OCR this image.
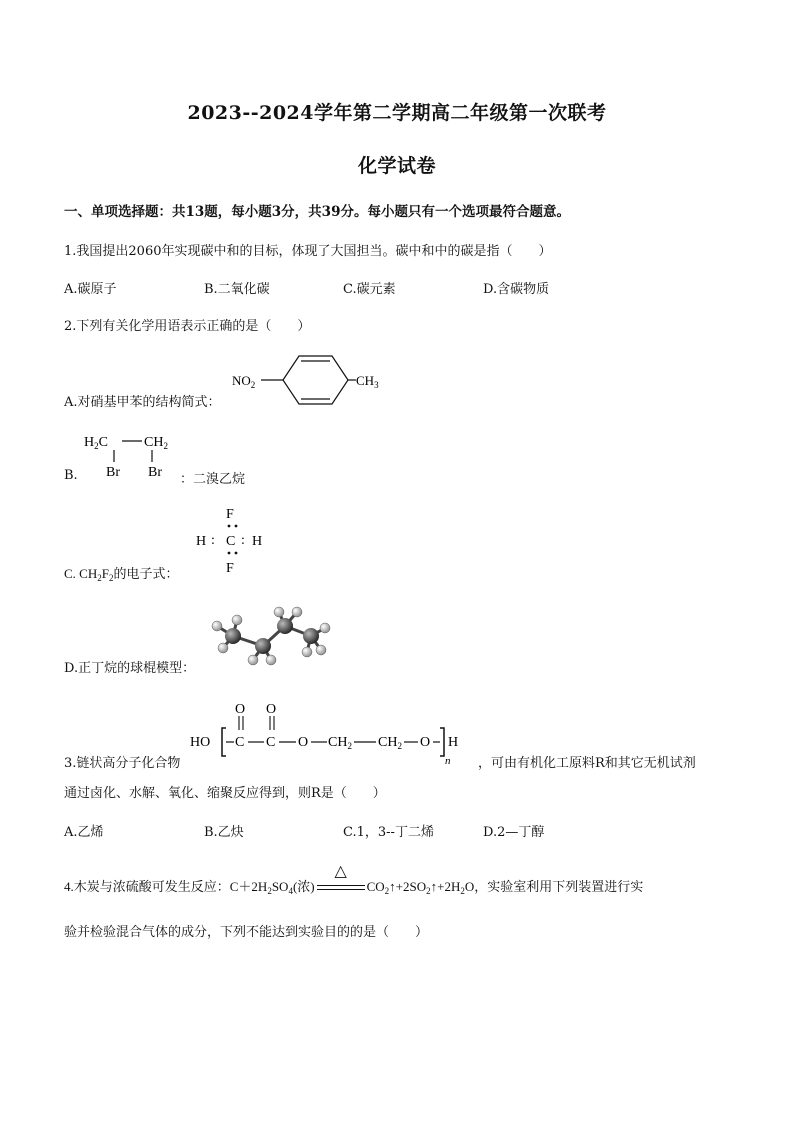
2023--2024学年第二学期高二年级第一次联考
化学试卷
一、单项选择题：共13题，每小题3分，共39分。每小题只有一个选项最符合题意。
1.我国提出2060年实现碳中和的目标，体现了大国担当。碳中和中的碳是指（　　）
A.碳原子	B.二氧化碳	C.碳元素	D.含碳物质
2.下列有关化学用语表示正确的是（　　）
A.对硝基甲苯的结构简式：
$NO_2$	$CH_3$
B.
$H_2C$	$CH_2$
Br Br ：二溴乙烷
C. $CH_2F_2$的电子式：
F
H : C : H
F
D.正丁烷的球棍模型：
3.链状高分子化合物
HO C
O
C
O
O $CH_2$ $CH_2$ O H
n ，可由有机化工原料R和其它无机试剂
通过卤化、水解、氧化、缩聚反应得到，则R是（　　）
A.乙烯	B.乙炔	C.1，3--丁二烯	D.2—丁醇
4.木炭与浓硫酸可发生反应：$C+2H_2SO_4$(浓)
△
$CO_2↑+2SO_2↑+2H_2O$，实验室利用下列装置进行实
验并检验混合气体的成分，下列不能达到实验目的的是（　　）
